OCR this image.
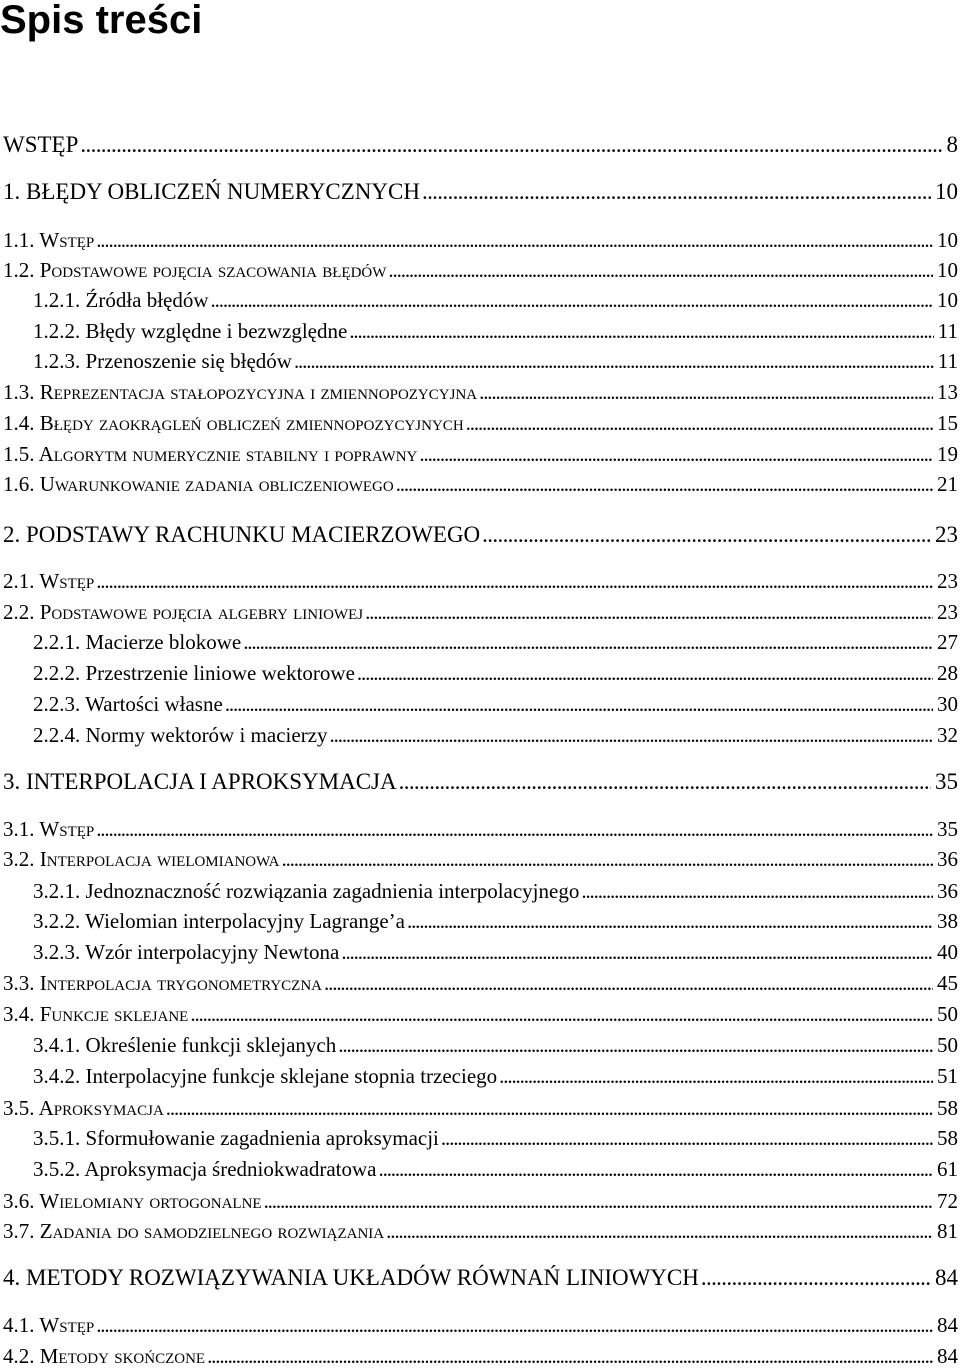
Spis treści
WSTĘP . . .	8
1. BŁĘDY OBLICZEŃ NUMERYCZNYCH . . .	10
1.1. Wstęp . . .	10
1.2. Podstawowe pojęcia szacowania błędów . . .	10
1.2.1. Źródła błędów . . .	10
1.2.2. Błędy względne i bezwzględne . . .	11
1.2.3. Przenoszenie się błędów . . .	11
1.3. Reprezentacja stałopozycyjna i zmiennopozycyjna . . .	13
1.4. Błędy zaokrągleń obliczeń zmiennopozycyjnych . . .	15
1.5. Algorytm numerycznie stabilny i poprawny . . .	19
1.6. Uwarunkowanie zadania obliczeniowego . . .	21
2. PODSTAWY RACHUNKU MACIERZOWEGO . . .	23
2.1. Wstęp . . .	23
2.2. Podstawowe pojęcia algebry liniowej . . .	23
2.2.1. Macierze blokowe . . .	27
2.2.2. Przestrzenie liniowe wektorowe . . .	28
2.2.3. Wartości własne . . .	30
2.2.4. Normy wektorów i macierzy . . .	32
3. INTERPOLACJA I APROKSYMACJA . . .	35
3.1. Wstęp . . .	35
3.2. Interpolacja wielomianowa . . .	36
3.2.1. Jednoznaczność rozwiązania zagadnienia interpolacyjnego . . .	36
3.2.2. Wielomian interpolacyjny Lagrange’a . . .	38
3.2.3. Wzór interpolacyjny Newtona . . .	40
3.3. Interpolacja trygonometryczna . . .	45
3.4. Funkcje sklejane . . .	50
3.4.1. Określenie funkcji sklejanych . . .	50
3.4.2. Interpolacyjne funkcje sklejane stopnia trzeciego . . .	51
3.5. Aproksymacja . . .	58
3.5.1. Sformułowanie zagadnienia aproksymacji . . .	58
3.5.2. Aproksymacja średniokwadratowa . . .	61
3.6. Wielomiany ortogonalne . . .	72
3.7. Zadania do samodzielnego rozwiązania . . .	81
4. METODY ROZWIĄZYWANIA UKŁADÓW RÓWNAŃ LINIOWYCH . . .	84
4.1. Wstęp . . .	84
4.2. Metody skończone . . .	84
